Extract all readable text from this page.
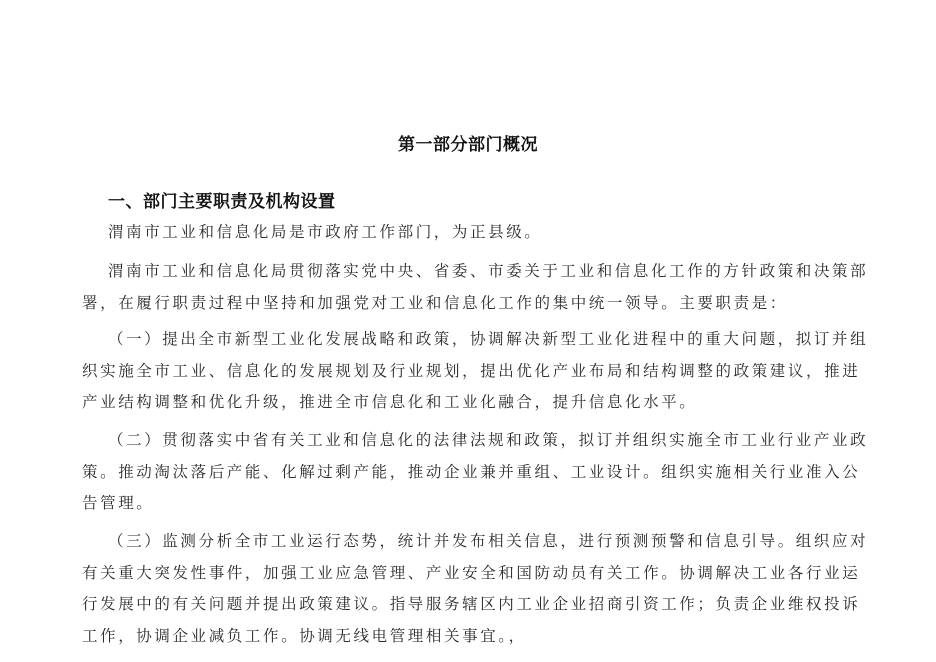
第一部分部门概况
一、部门主要职责及机构设置
渭南市工业和信息化局是市政府工作部门，为正县级。
渭南市工业和信息化局贯彻落实党中央、省委、市委关于工业和信息化工作的方针政策和决策部
署，在履行职责过程中坚持和加强党对工业和信息化工作的集中统一领导。主要职责是：
（一）提出全市新型工业化发展战略和政策，协调解决新型工业化进程中的重大问题，拟订并组
织实施全市工业、信息化的发展规划及行业规划，提出优化产业布局和结构调整的政策建议，推进
产业结构调整和优化升级，推进全市信息化和工业化融合，提升信息化水平。
（二）贯彻落实中省有关工业和信息化的法律法规和政策，拟订并组织实施全市工业行业产业政
策。推动淘汰落后产能、化解过剩产能，推动企业兼并重组、工业设计。组织实施相关行业准入公
告管理。
（三）监测分析全市工业运行态势，统计并发布相关信息，进行预测预警和信息引导。组织应对
有关重大突发性事件，加强工业应急管理、产业安全和国防动员有关工作。协调解决工业各行业运
行发展中的有关问题并提出政策建议。指导服务辖区内工业企业招商引资工作；负责企业维权投诉
工作，协调企业减负工作。协调无线电管理相关事宜。，
